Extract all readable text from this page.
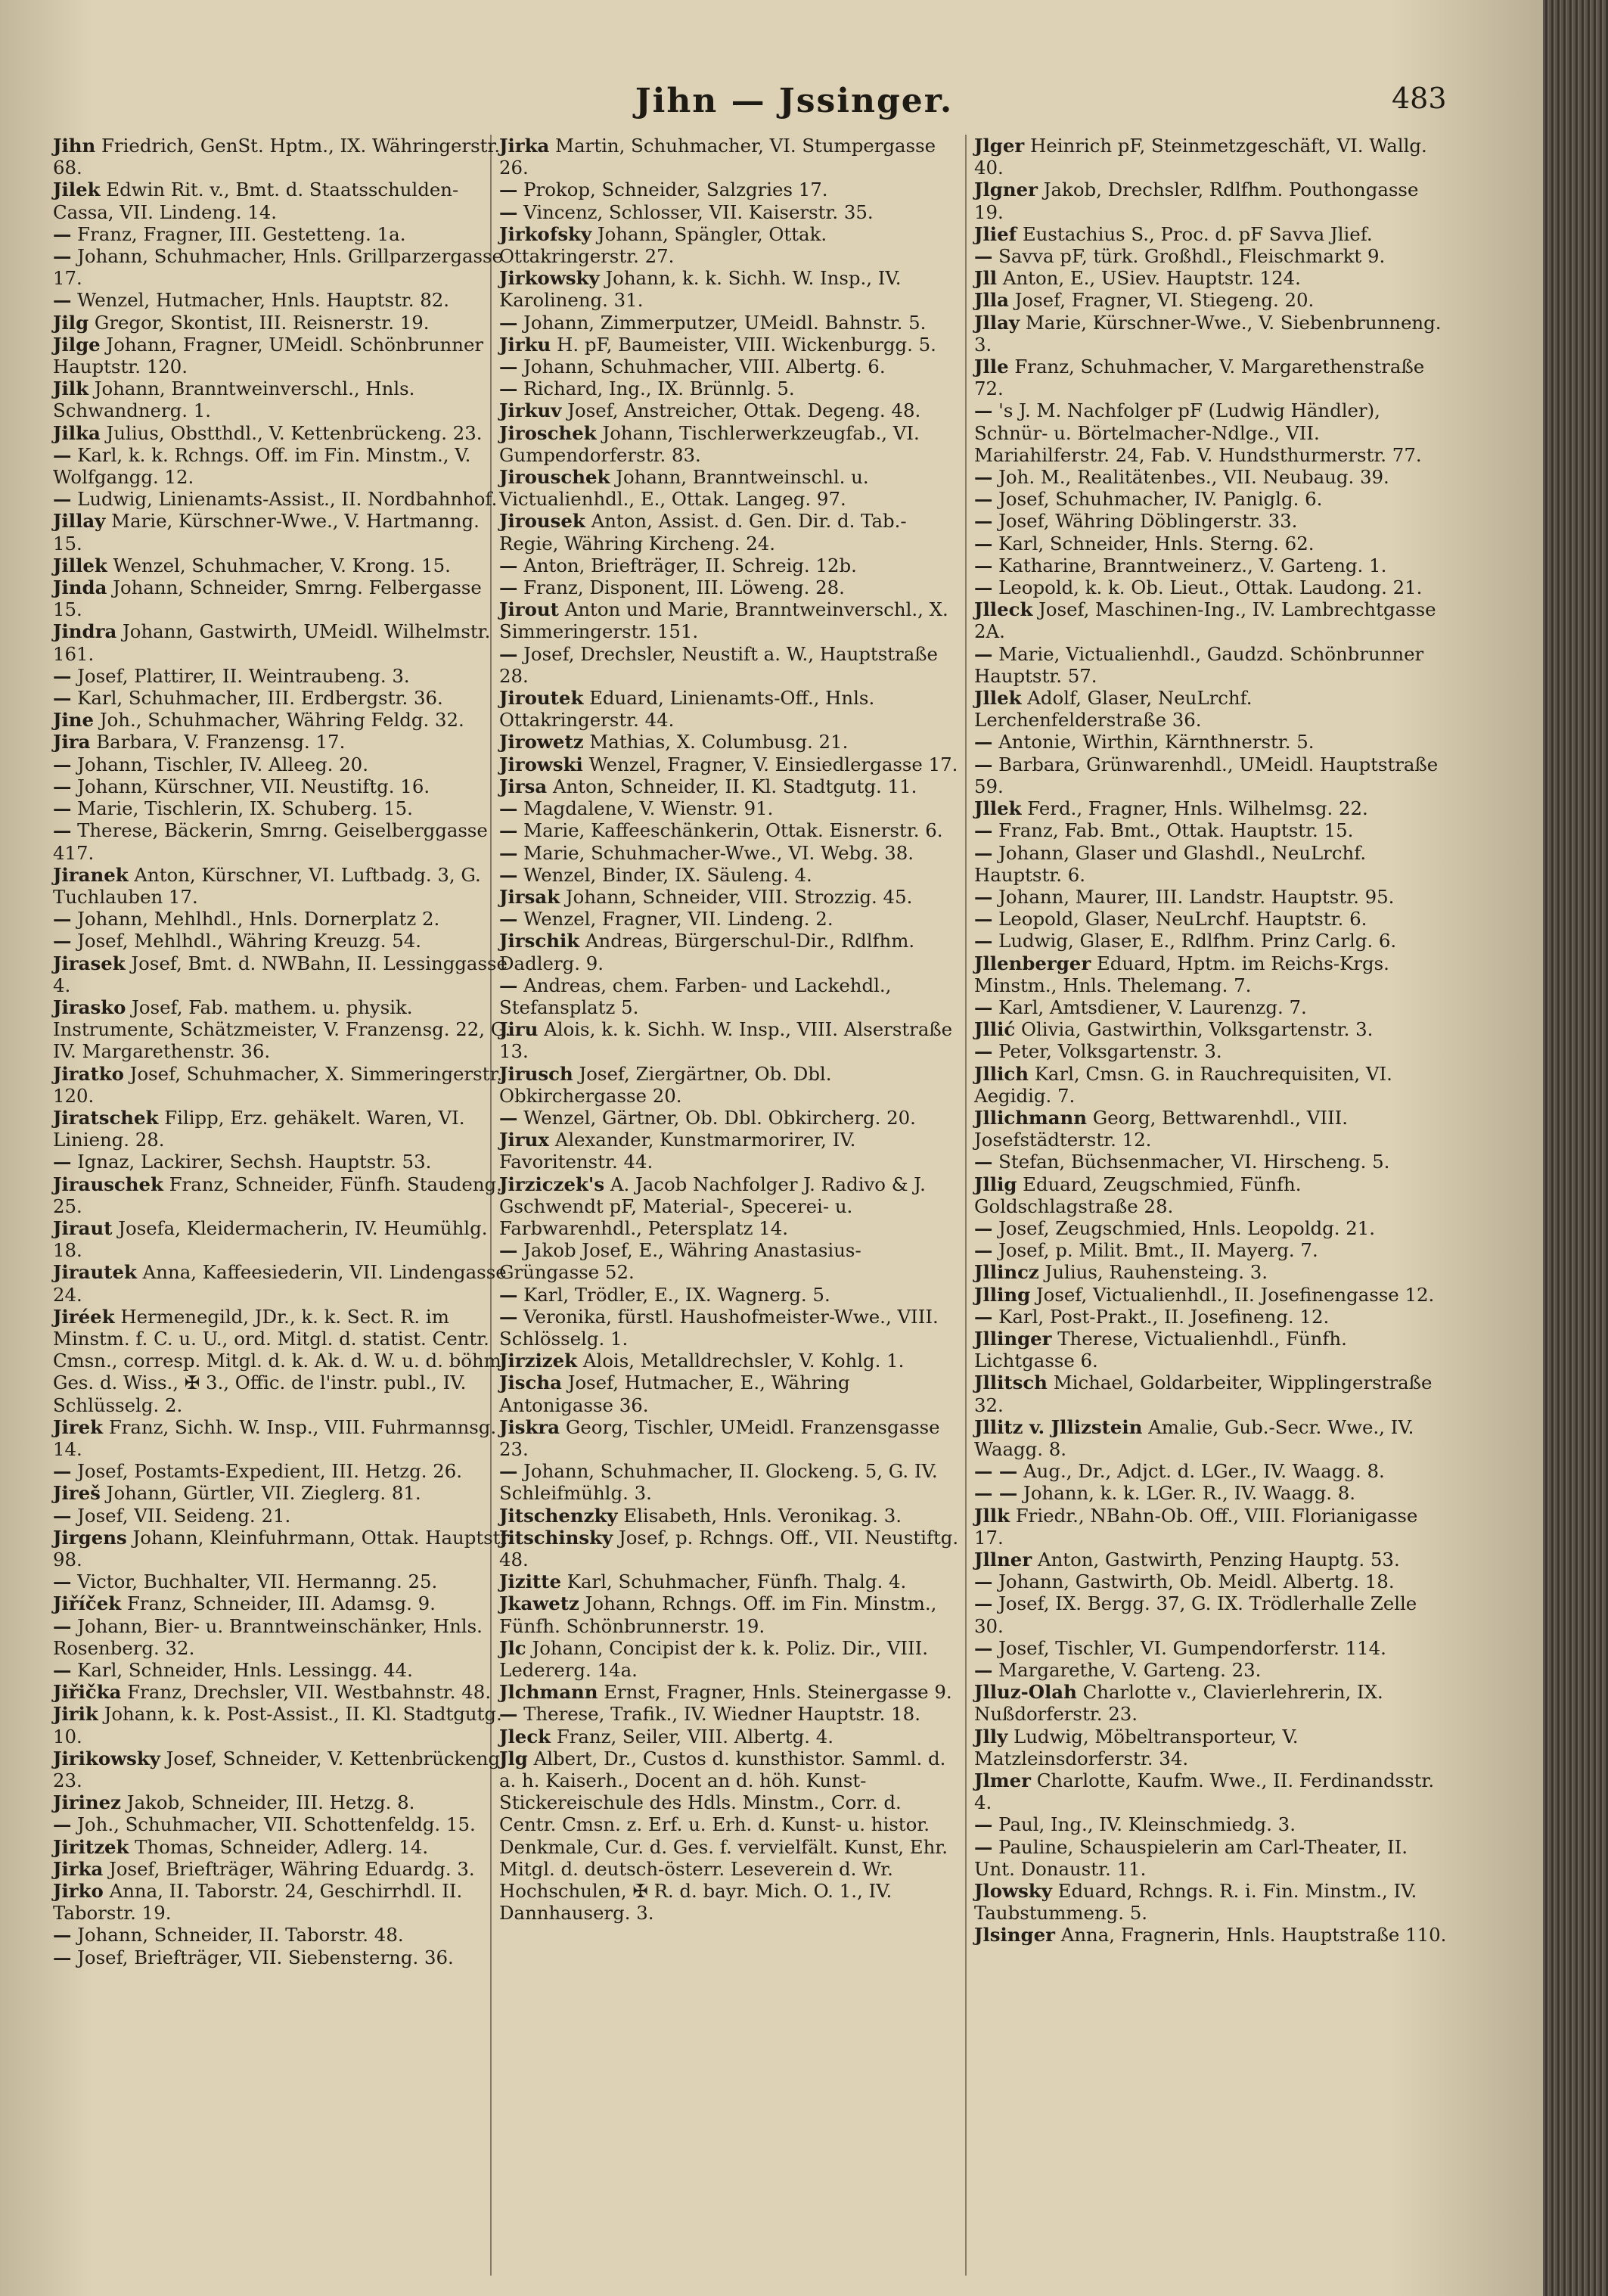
Jihn — Jssinger.	483
Jihn Friedrich, GenSt. Hptm., IX. Währingerstr. 68.
Jilek Edwin Rit. v., Bmt. d. Staatsschulden-Cassa, VII. Lindeng. 14.
— Franz, Fragner, III. Gestetteng. 1a.
— Johann, Schuhmacher, Hnls. Grillparzergasse 17.
— Wenzel, Hutmacher, Hnls. Hauptstr. 82.
Jilg Gregor, Skontist, III. Reisnerstr. 19.
Jilge Johann, Fragner, UMeidl. Schönbrunner Hauptstr. 120.
Jilk Johann, Branntweinverschl., Hnls. Schwandnerg. 1.
Jilka Julius, Obstthdl., V. Kettenbrückeng. 23.
— Karl, k. k. Rchngs. Off. im Fin. Minstm., V. Wolfgangg. 12.
— Ludwig, Linienamts-Assist., II. Nordbahnhof.
Jillay Marie, Kürschner-Wwe., V. Hartmanng. 15.
Jillek Wenzel, Schuhmacher, V. Krong. 15.
Jinda Johann, Schneider, Smrng. Felbergasse 15.
Jindra Johann, Gastwirth, UMeidl. Wilhelmstr. 161.
— Josef, Plattirer, II. Weintraubeng. 3.
— Karl, Schuhmacher, III. Erdbergstr. 36.
Jine Joh., Schuhmacher, Währing Feldg. 32.
Jira Barbara, V. Franzensg. 17.
— Johann, Tischler, IV. Alleeg. 20.
— Johann, Kürschner, VII. Neustiftg. 16.
— Marie, Tischlerin, IX. Schuberg. 15.
— Therese, Bäckerin, Smrng. Geiselberggasse 417.
Jiranek Anton, Kürschner, VI. Luftbadg. 3, G. Tuchlauben 17.
— Johann, Mehlhdl., Hnls. Dornerplatz 2.
— Josef, Mehlhdl., Währing Kreuzg. 54.
Jirasek Josef, Bmt. d. NWBahn, II. Lessinggasse 4.
Jirasko Josef, Fab. mathem. u. physik. Instrumente, Schätzmeister, V. Franzensg. 22, G. IV. Margarethenstr. 36.
Jiratko Josef, Schuhmacher, X. Simmeringerstr. 120.
Jiratschek Filipp, Erz. gehäkelt. Waren, VI. Linieng. 28.
— Ignaz, Lackirer, Sechsh. Hauptstr. 53.
Jirauschek Franz, Schneider, Fünfh. Staudeng. 25.
Jiraut Josefa, Kleidermacherin, IV. Heumühlg. 18.
Jirautek Anna, Kaffeesiederin, VII. Lindengasse 24.
Jiréek Hermenegild, JDr., k. k. Sect. R. im Minstm. f. C. u. U., ord. Mitgl. d. statist. Centr. Cmsn., corresp. Mitgl. d. k. Ak. d. W. u. d. böhm. Ges. d. Wiss., ✠ 3., Offic. de l'instr. publ., IV. Schlüsselg. 2.
Jirek Franz, Sichh. W. Insp., VIII. Fuhrmannsg. 14.
— Josef, Postamts-Expedient, III. Hetzg. 26.
Jireš Johann, Gürtler, VII. Zieglerg. 81.
— Josef, VII. Seideng. 21.
Jirgens Johann, Kleinfuhrmann, Ottak. Hauptstr. 98.
— Victor, Buchhalter, VII. Hermanng. 25.
Jiříček Franz, Schneider, III. Adamsg. 9.
— Johann, Bier- u. Branntweinschänker, Hnls. Rosenberg. 32.
— Karl, Schneider, Hnls. Lessingg. 44.
Jiřička Franz, Drechsler, VII. Westbahnstr. 48.
Jirik Johann, k. k. Post-Assist., II. Kl. Stadtgutg. 10.
Jirikowsky Josef, Schneider, V. Kettenbrückeng. 23.
Jirinez Jakob, Schneider, III. Hetzg. 8.
— Joh., Schuhmacher, VII. Schottenfeldg. 15.
Jiritzek Thomas, Schneider, Adlerg. 14.
Jirka Josef, Briefträger, Währing Eduardg. 3.
Jirko Anna, II. Taborstr. 24, Geschirrhdl. II. Taborstr. 19.
— Johann, Schneider, II. Taborstr. 48.
— Josef, Briefträger, VII. Siebensterng. 36.
Jirka Martin, Schuhmacher, VI. Stumpergasse 26.
— Prokop, Schneider, Salzgries 17.
— Vincenz, Schlosser, VII. Kaiserstr. 35.
Jirkofsky Johann, Spängler, Ottak. Ottakringerstr. 27.
Jirkowsky Johann, k. k. Sichh. W. Insp., IV. Karolineng. 31.
— Johann, Zimmerputzer, UMeidl. Bahnstr. 5.
Jirku H. pF, Baumeister, VIII. Wickenburgg. 5.
— Johann, Schuhmacher, VIII. Albertg. 6.
— Richard, Ing., IX. Brünnlg. 5.
Jirkuv Josef, Anstreicher, Ottak. Degeng. 48.
Jiroschek Johann, Tischlerwerkzeugfab., VI. Gumpendorferstr. 83.
Jirouschek Johann, Branntweinschl. u. Victualienhdl., E., Ottak. Langeg. 97.
Jirousek Anton, Assist. d. Gen. Dir. d. Tab.-Regie, Währing Kircheng. 24.
— Anton, Briefträger, II. Schreig. 12b.
— Franz, Disponent, III. Löweng. 28.
Jirout Anton und Marie, Branntweinverschl., X. Simmeringerstr. 151.
— Josef, Drechsler, Neustift a. W., Hauptstraße 28.
Jiroutek Eduard, Linienamts-Off., Hnls. Ottakringerstr. 44.
Jirowetz Mathias, X. Columbusg. 21.
Jirowski Wenzel, Fragner, V. Einsiedlergasse 17.
Jirsa Anton, Schneider, II. Kl. Stadtgutg. 11.
— Magdalene, V. Wienstr. 91.
— Marie, Kaffeeschänkerin, Ottak. Eisnerstr. 6.
— Marie, Schuhmacher-Wwe., VI. Webg. 38.
— Wenzel, Binder, IX. Säuleng. 4.
Jirsak Johann, Schneider, VIII. Strozzig. 45.
— Wenzel, Fragner, VII. Lindeng. 2.
Jirschik Andreas, Bürgerschul-Dir., Rdlfhm. Dadlerg. 9.
— Andreas, chem. Farben- und Lackehdl., Stefansplatz 5.
Jiru Alois, k. k. Sichh. W. Insp., VIII. Alserstraße 13.
Jirusch Josef, Ziergärtner, Ob. Dbl. Obkirchergasse 20.
— Wenzel, Gärtner, Ob. Dbl. Obkircherg. 20.
Jirux Alexander, Kunstmarmorirer, IV. Favoritenstr. 44.
Jirziczek's A. Jacob Nachfolger J. Radivo & J. Gschwendt pF, Material-, Specerei- u. Farbwarenhdl., Petersplatz 14.
— Jakob Josef, E., Währing Anastasius-Grüngasse 52.
— Karl, Trödler, E., IX. Wagnerg. 5.
— Veronika, fürstl. Haushofmeister-Wwe., VIII. Schlösselg. 1.
Jirzizek Alois, Metalldrechsler, V. Kohlg. 1.
Jischa Josef, Hutmacher, E., Währing Antonigasse 36.
Jiskra Georg, Tischler, UMeidl. Franzensgasse 23.
— Johann, Schuhmacher, II. Glockeng. 5, G. IV. Schleifmühlg. 3.
Jitschenzky Elisabeth, Hnls. Veronikag. 3.
Jitschinsky Josef, p. Rchngs. Off., VII. Neustiftg. 48.
Jizitte Karl, Schuhmacher, Fünfh. Thalg. 4.
Jkawetz Johann, Rchngs. Off. im Fin. Minstm., Fünfh. Schönbrunnerstr. 19.
Jlc Johann, Concipist der k. k. Poliz. Dir., VIII. Ledererg. 14a.
Jlchmann Ernst, Fragner, Hnls. Steinergasse 9.
— Therese, Trafik., IV. Wiedner Hauptstr. 18.
Jleck Franz, Seiler, VIII. Albertg. 4.
Jlg Albert, Dr., Custos d. kunsthistor. Samml. d. a. h. Kaiserh., Docent an d. höh. Kunst-Stickereischule des Hdls. Minstm., Corr. d. Centr. Cmsn. z. Erf. u. Erh. d. Kunst- u. histor. Denkmale, Cur. d. Ges. f. vervielfält. Kunst, Ehr. Mitgl. d. deutsch-österr. Leseverein d. Wr. Hochschulen, ✠ R. d. bayr. Mich. O. 1., IV. Dannhauserg. 3.
Jlger Heinrich pF, Steinmetzgeschäft, VI. Wallg. 40.
Jlgner Jakob, Drechsler, Rdlfhm. Pouthongasse 19.
Jlief Eustachius S., Proc. d. pF Savva Jlief.
— Savva pF, türk. Großhdl., Fleischmarkt 9.
Jll Anton, E., USiev. Hauptstr. 124.
Jlla Josef, Fragner, VI. Stiegeng. 20.
Jllay Marie, Kürschner-Wwe., V. Siebenbrunneng. 3.
Jlle Franz, Schuhmacher, V. Margarethenstraße 72.
— 's J. M. Nachfolger pF (Ludwig Händler), Schnür- u. Börtelmacher-Ndlge., VII. Mariahilferstr. 24, Fab. V. Hundsthurmerstr. 77.
— Joh. M., Realitätenbes., VII. Neubaug. 39.
— Josef, Schuhmacher, IV. Paniglg. 6.
— Josef, Währing Döblingerstr. 33.
— Karl, Schneider, Hnls. Sterng. 62.
— Katharine, Branntweinerz., V. Garteng. 1.
— Leopold, k. k. Ob. Lieut., Ottak. Laudong. 21.
Jlleck Josef, Maschinen-Ing., IV. Lambrechtgasse 2A.
— Marie, Victualienhdl., Gaudzd. Schönbrunner Hauptstr. 57.
Jllek Adolf, Glaser, NeuLrchf. Lerchenfelderstraße 36.
— Antonie, Wirthin, Kärnthnerstr. 5.
— Barbara, Grünwarenhdl., UMeidl. Hauptstraße 59.
Jllek Ferd., Fragner, Hnls. Wilhelmsg. 22.
— Franz, Fab. Bmt., Ottak. Hauptstr. 15.
— Johann, Glaser und Glashdl., NeuLrchf. Hauptstr. 6.
— Johann, Maurer, III. Landstr. Hauptstr. 95.
— Leopold, Glaser, NeuLrchf. Hauptstr. 6.
— Ludwig, Glaser, E., Rdlfhm. Prinz Carlg. 6.
Jllenberger Eduard, Hptm. im Reichs-Krgs. Minstm., Hnls. Thelemang. 7.
— Karl, Amtsdiener, V. Laurenzg. 7.
Jllić Olivia, Gastwirthin, Volksgartenstr. 3.
— Peter, Volksgartenstr. 3.
Jllich Karl, Cmsn. G. in Rauchrequisiten, VI. Aegidig. 7.
Jllichmann Georg, Bettwarenhdl., VIII. Josefstädterstr. 12.
— Stefan, Büchsenmacher, VI. Hirscheng. 5.
Jllig Eduard, Zeugschmied, Fünfh. Goldschlagstraße 28.
— Josef, Zeugschmied, Hnls. Leopoldg. 21.
— Josef, p. Milit. Bmt., II. Mayerg. 7.
Jllincz Julius, Rauhensteing. 3.
Jlling Josef, Victualienhdl., II. Josefinengasse 12.
— Karl, Post-Prakt., II. Josefineng. 12.
Jllinger Therese, Victualienhdl., Fünfh. Lichtgasse 6.
Jllitsch Michael, Goldarbeiter, Wipplingerstraße 32.
Jllitz v. Jllizstein Amalie, Gub.-Secr. Wwe., IV. Waagg. 8.
— — Aug., Dr., Adjct. d. LGer., IV. Waagg. 8.
— — Johann, k. k. LGer. R., IV. Waagg. 8.
Jllk Friedr., NBahn-Ob. Off., VIII. Florianigasse 17.
Jllner Anton, Gastwirth, Penzing Hauptg. 53.
— Johann, Gastwirth, Ob. Meidl. Albertg. 18.
— Josef, IX. Bergg. 37, G. IX. Trödlerhalle Zelle 30.
— Josef, Tischler, VI. Gumpendorferstr. 114.
— Margarethe, V. Garteng. 23.
Jlluz-Olah Charlotte v., Clavierlehrerin, IX. Nußdorferstr. 23.
Jlly Ludwig, Möbeltransporteur, V. Matzleinsdorferstr. 34.
Jlmer Charlotte, Kaufm. Wwe., II. Ferdinandsstr. 4.
— Paul, Ing., IV. Kleinschmiedg. 3.
— Pauline, Schauspielerin am Carl-Theater, II. Unt. Donaustr. 11.
Jlowsky Eduard, Rchngs. R. i. Fin. Minstm., IV. Taubstummeng. 5.
Jlsinger Anna, Fragnerin, Hnls. Hauptstraße 110.
